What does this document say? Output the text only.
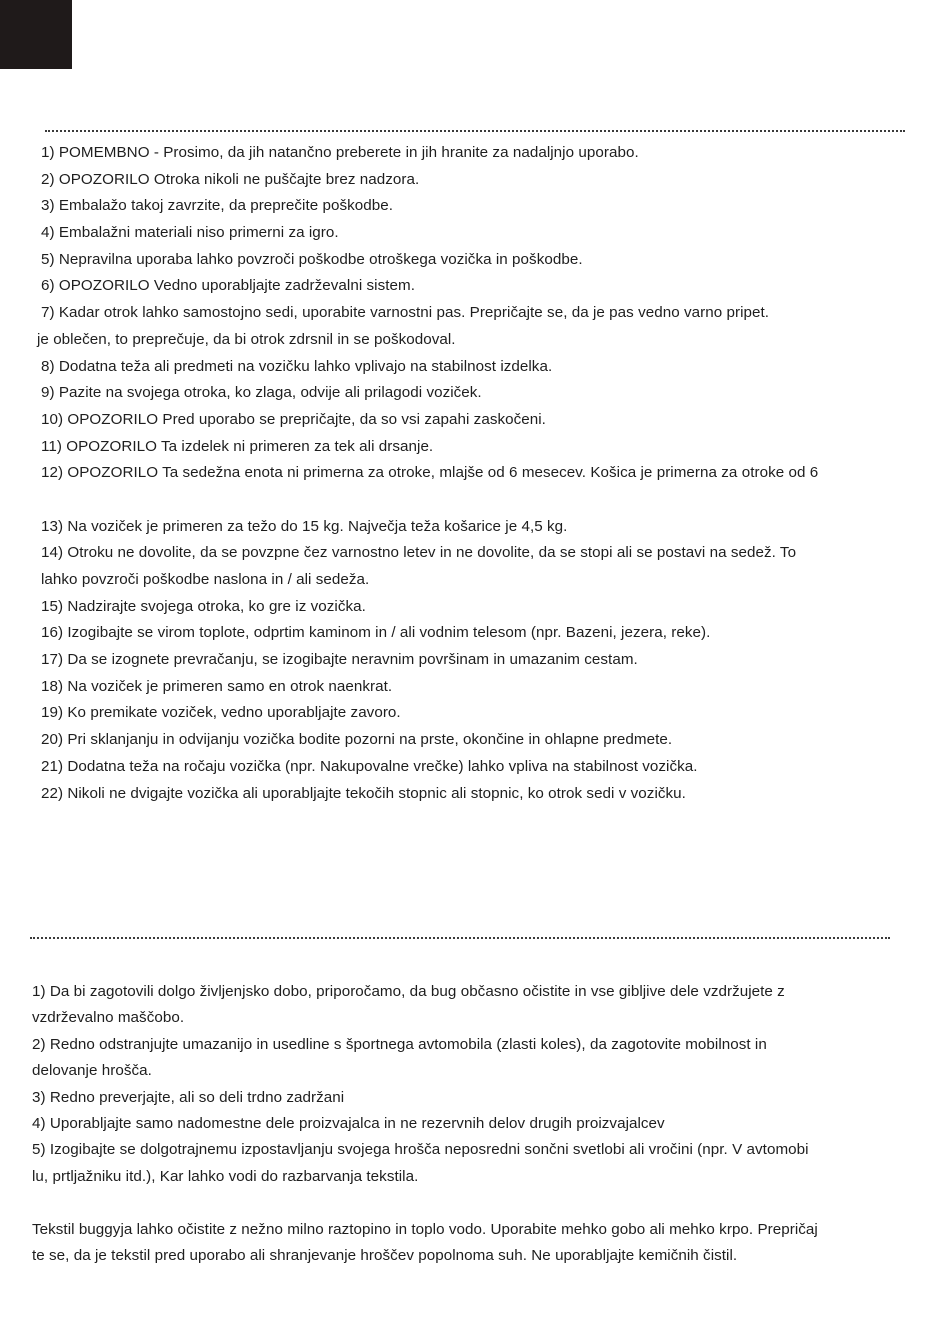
1) POMEMBNO - Prosimo, da jih natančno preberete in jih hranite za nadaljnjo uporabo.
2) OPOZORILO Otroka nikoli ne puščajte brez nadzora.
3) Embalažo takoj zavrzite, da preprečite poškodbe.
4) Embalažni materiali niso primerni za igro.
5) Nepravilna uporaba lahko povzroči poškodbe otroškega vozička in poškodbe.
6) OPOZORILO Vedno uporabljajte zadrževalni sistem.
7) Kadar otrok lahko samostojno sedi, uporabite varnostni pas. Prepričajte se, da je pas vedno varno pripet.
je oblečen, to preprečuje, da bi otrok zdrsnil in se poškodoval.
8) Dodatna teža ali predmeti na vozičku lahko vplivajo na stabilnost izdelka.
9) Pazite na svojega otroka, ko zlaga, odvije ali prilagodi voziček.
10) OPOZORILO Pred uporabo se prepričajte, da so vsi zapahi zaskočeni.
11) OPOZORILO Ta izdelek ni primeren za tek ali drsanje.
12) OPOZORILO Ta sedežna enota ni primerna za otroke, mlajše od 6 mesecev. Košica je primerna za otroke od 6
13) Na voziček je primeren za težo do 15 kg. Največja teža košarice je 4,5 kg.
14) Otroku ne dovolite, da se povzpne čez varnostno letev in ne dovolite, da se stopi ali se postavi na sedež. To
lahko povzroči poškodbe naslona in / ali sedeža.
15) Nadzirajte svojega otroka, ko gre iz vozička.
16) Izogibajte se virom toplote, odprtim kaminom in / ali vodnim telesom (npr. Bazeni, jezera, reke).
17) Da se izognete prevračanju, se izogibajte neravnim površinam in umazanim cestam.
18) Na voziček je primeren samo en otrok naenkrat.
19) Ko premikate voziček, vedno uporabljajte zavoro.
20) Pri sklanjanju in odvijanju vozička bodite pozorni na prste, okončine in ohlapne predmete.
21) Dodatna teža na ročaju vozička (npr. Nakupovalne vrečke) lahko vpliva na stabilnost vozička.
22) Nikoli ne dvigajte vozička ali uporabljajte tekočih stopnic ali stopnic, ko otrok sedi v vozičku.
1) Da bi zagotovili dolgo življenjsko dobo, priporočamo, da bug občasno očistite in vse gibljive dele vzdržujete z
vzdrževalno maščobo.
2) Redno odstranjujte umazanijo in usedline s športnega avtomobila (zlasti koles), da zagotovite mobilnost in
delovanje hrošča.
3) Redno preverjajte, ali so deli trdno zadržani
4) Uporabljajte samo nadomestne dele proizvajalca in ne rezervnih delov drugih proizvajalcev
5) Izogibajte se dolgotrajnemu izpostavljanju svojega hrošča neposredni sončni svetlobi ali vročini (npr. V avtomobi
lu, prtljažniku itd.), Kar lahko vodi do razbarvanja tekstila.
Tekstil buggyja lahko očistite z nežno milno raztopino in toplo vodo. Uporabite mehko gobo ali mehko krpo. Prepričaj
te se, da je tekstil pred uporabo ali shranjevanje hroščev popolnoma suh. Ne uporabljajte kemičnih čistil.
